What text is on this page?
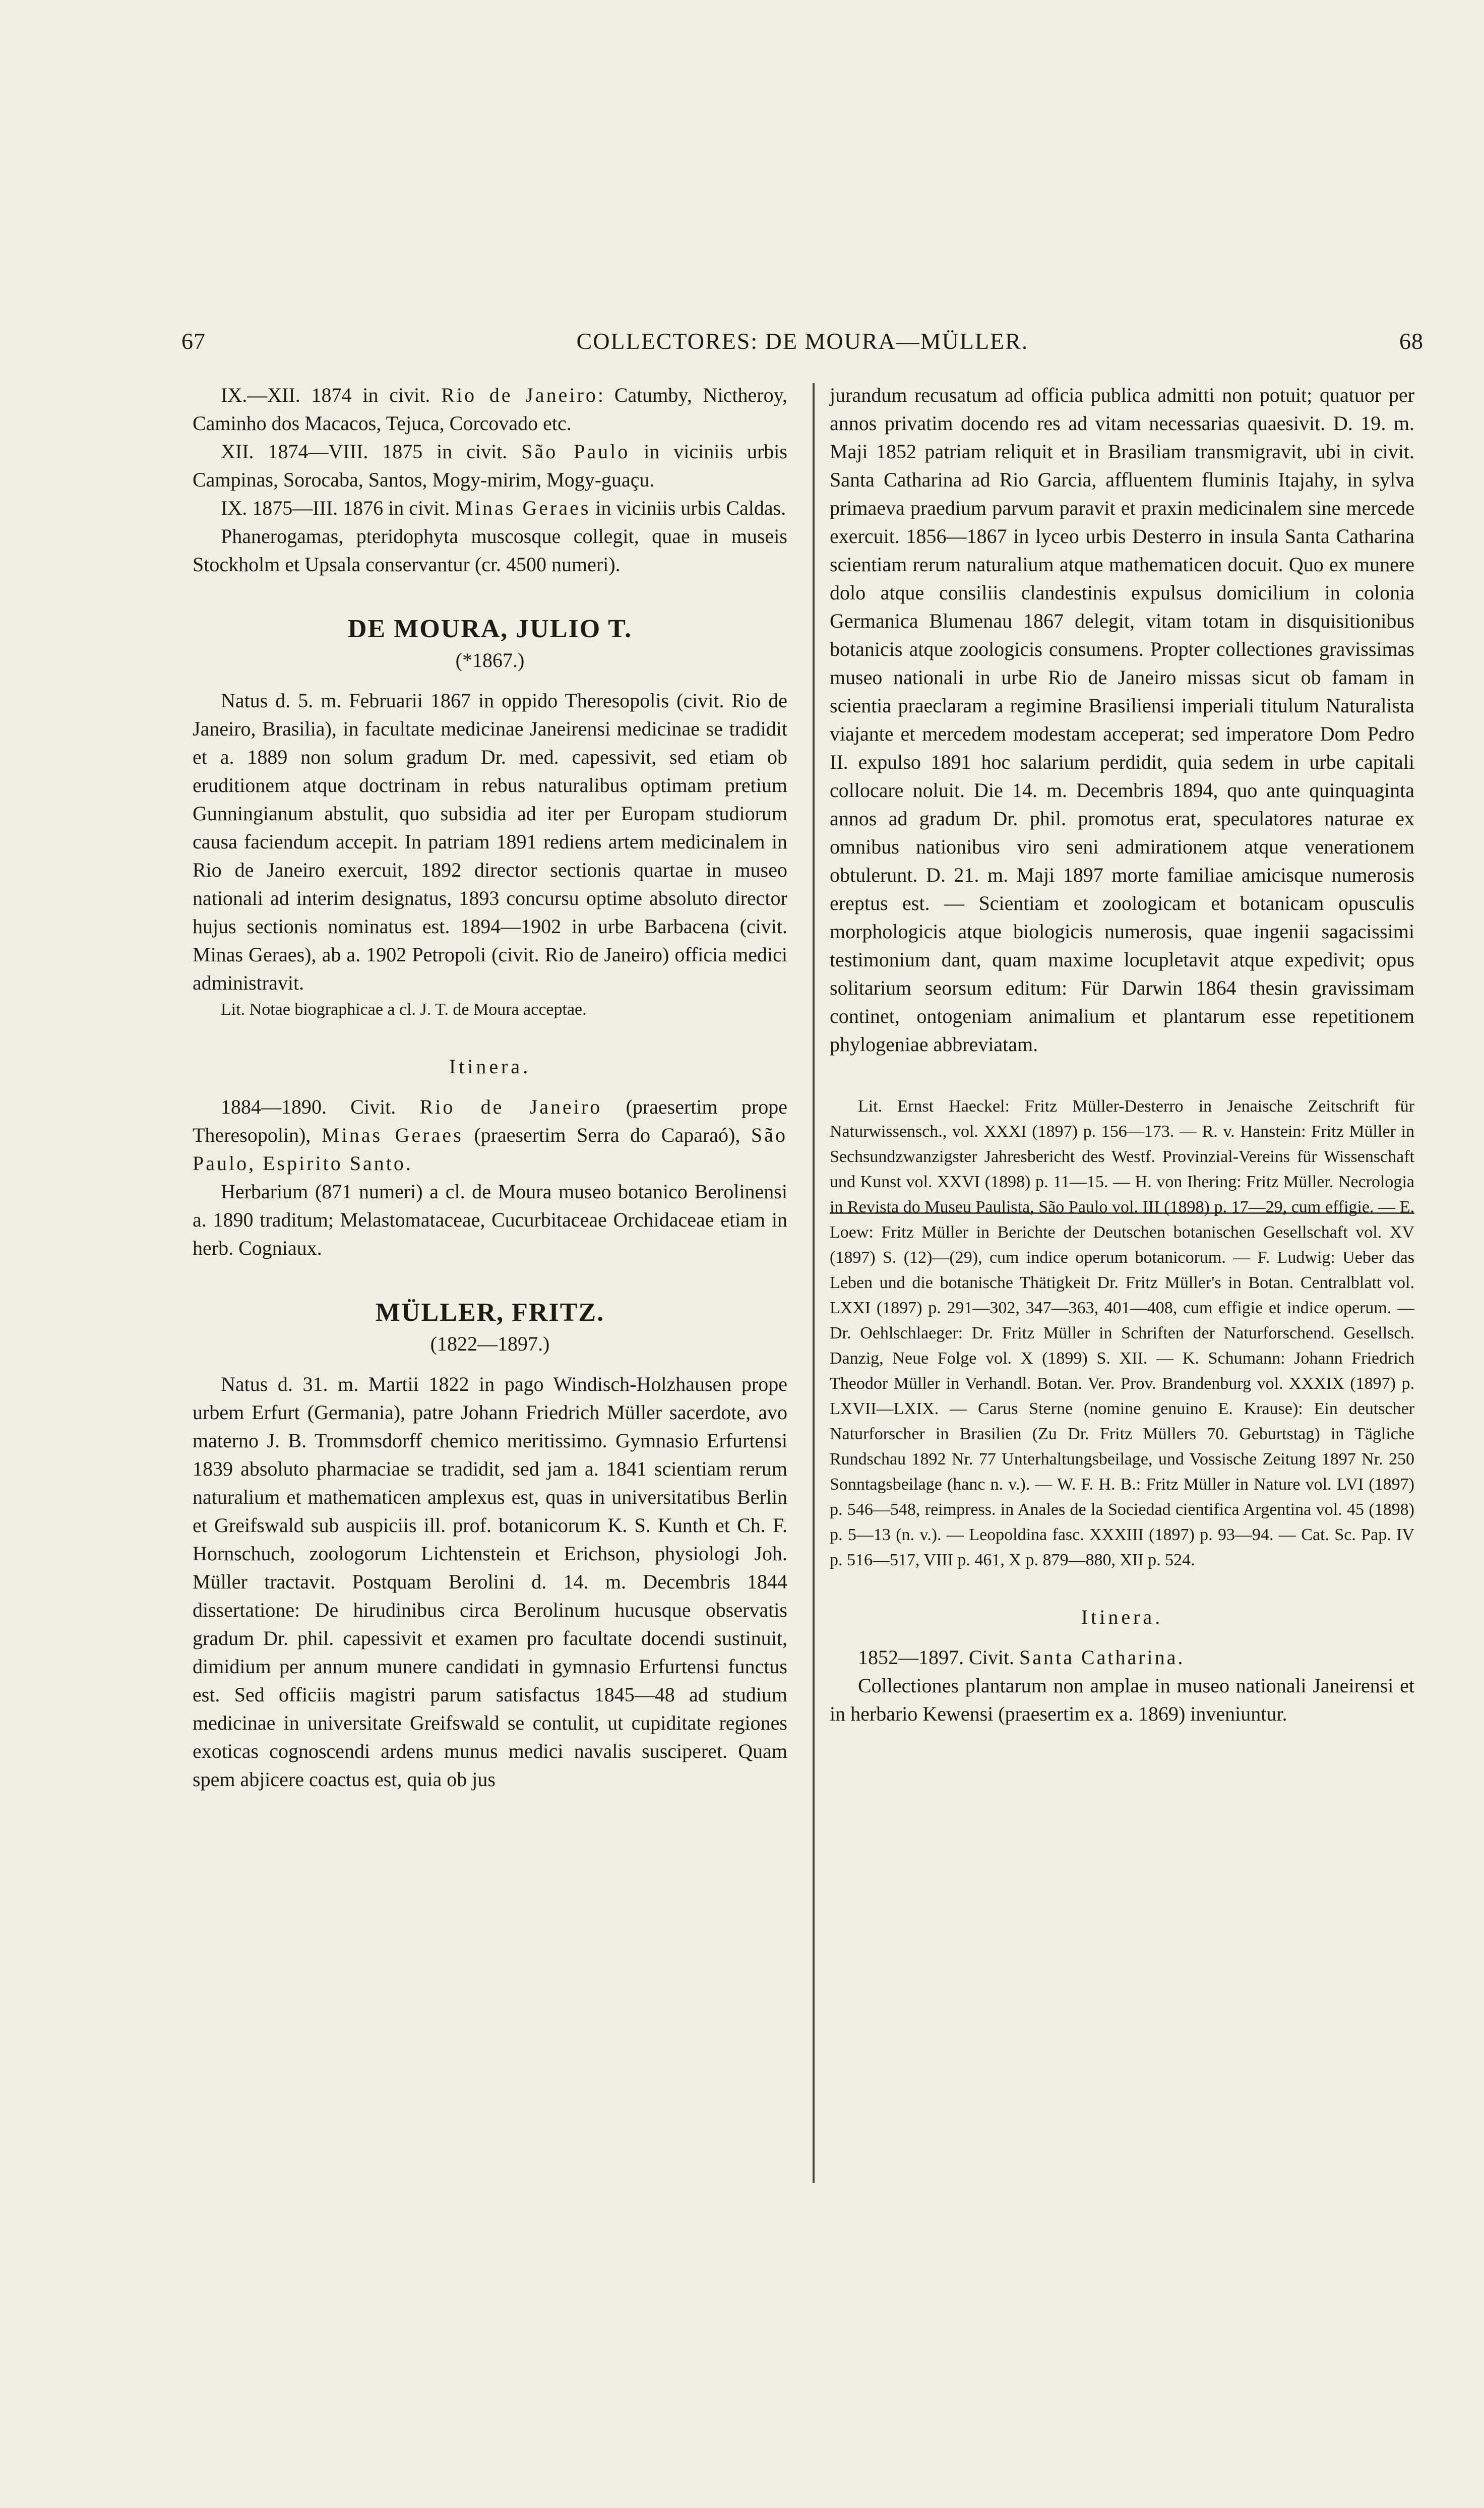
67	COLLECTORES: DE MOURA—MÜLLER.	68

IX.—XII. 1874 in civit. Rio de Janeiro: Catumby, Nictheroy, Caminho dos Macacos, Tejuca, Corcovado etc.

XII. 1874—VIII. 1875 in civit. São Paulo in viciniis urbis Campinas, Sorocaba, Santos, Mogy-mirim, Mogy-guaçu.

IX. 1875—III. 1876 in civit. Minas Geraes in viciniis urbis Caldas.

Phanerogamas, pteridophyta muscosque collegit, quae in museis Stockholm et Upsala conservantur (cr. 4500 numeri).

DE MOURA, JULIO T.
(*1867.)

Natus d. 5. m. Februarii 1867 in oppido Theresopolis (civit. Rio de Janeiro, Brasilia), in facultate medicinae Janeirensi medicinae se tradidit et a. 1889 non solum gradum Dr. med. capessivit, sed etiam ob eruditionem atque doctrinam in rebus naturalibus optimam pretium Gunningianum abstulit, quo subsidia ad iter per Europam studiorum causa faciendum accepit. In patriam 1891 rediens artem medicinalem in Rio de Janeiro exercuit, 1892 director sectionis quartae in museo nationali ad interim designatus, 1893 concursu optime absoluto director hujus sectionis nominatus est. 1894—1902 in urbe Barbacena (civit. Minas Geraes), ab a. 1902 Petropoli (civit. Rio de Janeiro) officia medici administravit.

Lit. Notae biographicae a cl. J. T. de Moura acceptae.

Itinera.

1884—1890. Civit. Rio de Janeiro (praesertim prope Theresopolin), Minas Geraes (praesertim Serra do Caparaó), São Paulo, Espirito Santo.

Herbarium (871 numeri) a cl. de Moura museo botanico Berolinensi a. 1890 traditum; Melastomataceae, Cucurbitaceae Orchidaceae etiam in herb. Cogniaux.

MÜLLER, FRITZ.
(1822—1897.)

Natus d. 31. m. Martii 1822 in pago Windisch-Holzhausen prope urbem Erfurt (Germania), patre Johann Friedrich Müller sacerdote, avo materno J. B. Trommsdorff chemico meritissimo. Gymnasio Erfurtensi 1839 absoluto pharmaciae se tradidit, sed jam a. 1841 scientiam rerum naturalium et mathematicen amplexus est, quas in universitatibus Berlin et Greifswald sub auspiciis ill. prof. botanicorum K. S. Kunth et Ch. F. Hornschuch, zoologorum Lichtenstein et Erichson, physiologi Joh. Müller tractavit. Postquam Berolini d. 14. m. Decembris 1844 dissertatione: De hirudinibus circa Berolinum hucusque observatis gradum Dr. phil. capessivit et examen pro facultate docendi sustinuit, dimidium per annum munere candidati in gymnasio Erfurtensi functus est. Sed officiis magistri parum satisfactus 1845—48 ad studium medicinae in universitate Greifswald se contulit, ut cupiditate regiones exoticas cognoscendi ardens munus medici navalis susciperet. Quam spem abjicere coactus est, quia ob jus

jurandum recusatum ad officia publica admitti non potuit; quatuor per annos privatim docendo res ad vitam necessarias quaesivit. D. 19. m. Maji 1852 patriam reliquit et in Brasiliam transmigravit, ubi in civit. Santa Catharina ad Rio Garcia, affluentem fluminis Itajahy, in sylva primaeva praedium parvum paravit et praxin medicinalem sine mercede exercuit. 1856—1867 in lyceo urbis Desterro in insula Santa Catharina scientiam rerum naturalium atque mathematicen docuit. Quo ex munere dolo atque consiliis clandestinis expulsus domicilium in colonia Germanica Blumenau 1867 delegit, vitam totam in disquisitionibus botanicis atque zoologicis consumens. Propter collectiones gravissimas museo nationali in urbe Rio de Janeiro missas sicut ob famam in scientia praeclaram a regimine Brasiliensi imperiali titulum Naturalista viajante et mercedem modestam acceperat; sed imperatore Dom Pedro II. expulso 1891 hoc salarium perdidit, quia sedem in urbe capitali collocare noluit. Die 14. m. Decembris 1894, quo ante quinquaginta annos ad gradum Dr. phil. promotus erat, speculatores naturae ex omnibus nationibus viro seni admirationem atque venerationem obtulerunt. D. 21. m. Maji 1897 morte familiae amicisque numerosis ereptus est. — Scientiam et zoologicam et botanicam opusculis morphologicis atque biologicis numerosis, quae ingenii sagacissimi testimonium dant, quam maxime locupletavit atque expedivit; opus solitarium seorsum editum: Für Darwin 1864 thesin gravissimam continet, ontogeniam animalium et plantarum esse repetitionem phylogeniae abbreviatam.

Lit. Ernst Haeckel: Fritz Müller-Desterro in Jenaische Zeitschrift für Naturwissensch., vol. XXXI (1897) p. 156—173. — R. v. Hanstein: Fritz Müller in Sechsundzwanzigster Jahresbericht des Westf. Provinzial-Vereins für Wissenschaft und Kunst vol. XXVI (1898) p. 11—15. — H. von Ihering: Fritz Müller. Necrologia in Revista do Museu Paulista, São Paulo vol. III (1898) p. 17—29, cum effigie. — E. Loew: Fritz Müller in Berichte der Deutschen botanischen Gesellschaft vol. XV (1897) S. (12)—(29), cum indice operum botanicorum. — F. Ludwig: Ueber das Leben und die botanische Thätigkeit Dr. Fritz Müller's in Botan. Centralblatt vol. LXXI (1897) p. 291—302, 347—363, 401—408, cum effigie et indice operum. — Dr. Oehlschlaeger: Dr. Fritz Müller in Schriften der Naturforschend. Gesellsch. Danzig, Neue Folge vol. X (1899) S. XII. — K. Schumann: Johann Friedrich Theodor Müller in Verhandl. Botan. Ver. Prov. Brandenburg vol. XXXIX (1897) p. LXVII—LXIX. — Carus Sterne (nomine genuino E. Krause): Ein deutscher Naturforscher in Brasilien (Zu Dr. Fritz Müllers 70. Geburtstag) in Tägliche Rundschau 1892 Nr. 77 Unterhaltungsbeilage, und Vossische Zeitung 1897 Nr. 250 Sonntagsbeilage (hanc n. v.). — W. F. H. B.: Fritz Müller in Nature vol. LVI (1897) p. 546—548, reimpress. in Anales de la Sociedad cientifica Argentina vol. 45 (1898) p. 5—13 (n. v.). — Leopoldina fasc. XXXIII (1897) p. 93—94. — Cat. Sc. Pap. IV p. 516—517, VIII p. 461, X p. 879—880, XII p. 524.

Itinera.

1852—1897. Civit. Santa Catharina.

Collectiones plantarum non amplae in museo nationali Janeirensi et in herbario Kewensi (praesertim ex a. 1869) inveniuntur.
